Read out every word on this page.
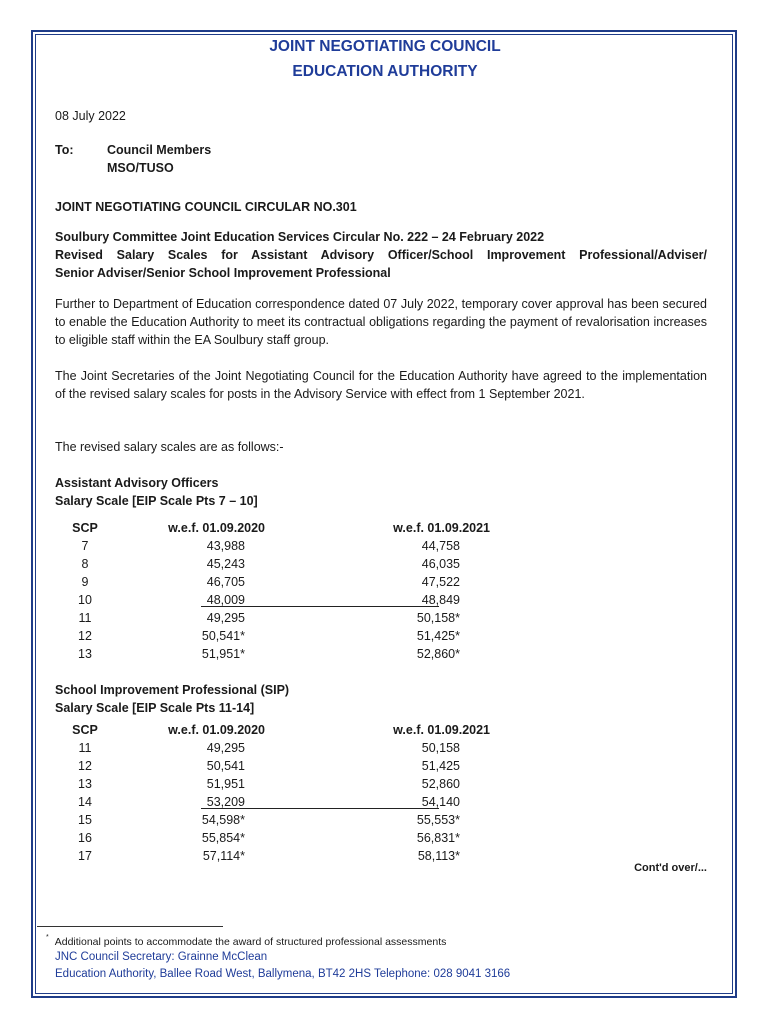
JOINT NEGOTIATING COUNCIL
EDUCATION AUTHORITY
08 July 2022
To:	Council Members
MSO/TUSO
JOINT NEGOTIATING COUNCIL CIRCULAR NO.301
Soulbury Committee Joint Education Services Circular No. 222 – 24 February 2022
Revised Salary Scales for Assistant Advisory Officer/School Improvement Professional/Adviser/
Senior Adviser/Senior School Improvement Professional
Further to Department of Education correspondence dated 07 July 2022, temporary cover approval has been secured to enable the Education Authority to meet its contractual obligations regarding the payment of revalorisation increases to eligible staff within the EA Soulbury staff group.
The Joint Secretaries of the Joint Negotiating Council for the Education Authority have agreed to the implementation of the revised salary scales for posts in the Advisory Service with effect from 1 September 2021.
The revised salary scales are as follows:-
Assistant Advisory Officers
Salary Scale [EIP Scale Pts 7 – 10]
SCP	w.e.f. 01.09.2020	w.e.f. 01.09.2021
7	43,988	44,758
8	45,243	46,035
9	46,705	47,522
10	48,009	48,849
11	49,295	50,158*
12	50,541*	51,425*
13	51,951*	52,860*
School Improvement Professional (SIP)
Salary Scale [EIP Scale Pts 11-14]
SCP	w.e.f. 01.09.2020	w.e.f. 01.09.2021
11	49,295	50,158
12	50,541	51,425
13	51,951	52,860
14	53,209	54,140
15	54,598*	55,553*
16	55,854*	56,831*
17	57,114*	58,113*
Cont'd over/...
* Additional points to accommodate the award of structured professional assessments
JNC Council Secretary: Grainne McClean
Education Authority, Ballee Road West, Ballymena, BT42 2HS Telephone: 028 9041 3166
